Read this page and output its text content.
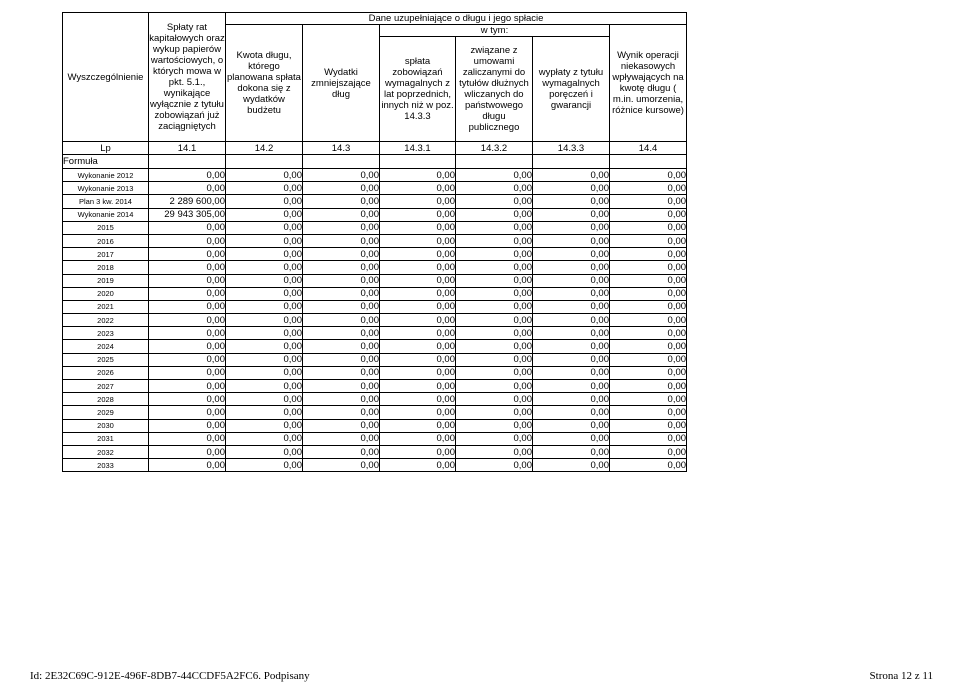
Wyszczególnienie	Spłaty rat kapitałowych oraz wykup papierów wartościowych, o których mowa w pkt. 5.1., wynikające wyłącznie z tytułu zobowiązań już zaciągniętych	Dane uzupełniające o długu i jego spłacie					
		Kwota długu, którego planowana spłata dokona się z wydatków budżetu	Wydatki zmniejszające dług	w tym:			Wynik operacji niekasowych wpływających na kwotę długu ( m.in. umorzenia, różnice kursowe)
				spłata zobowiązań wymagalnych z lat poprzednich, innych niż w poz. 14.3.3	związane z umowami zaliczanymi do tytułów dłużnych wliczanych do państwowego długu publicznego	wypłaty z tytułu wymagalnych poręczeń i gwarancji	
Lp	14.1	14.2	14.3	14.3.1	14.3.2	14.3.3	14.4
Formuła							
Wykonanie 2012	0,00	0,00	0,00	0,00	0,00	0,00	0,00
Wykonanie 2013	0,00	0,00	0,00	0,00	0,00	0,00	0,00
Plan 3 kw. 2014	2 289 600,00	0,00	0,00	0,00	0,00	0,00	0,00
Wykonanie 2014	29 943 305,00	0,00	0,00	0,00	0,00	0,00	0,00
2015	0,00	0,00	0,00	0,00	0,00	0,00	0,00
2016	0,00	0,00	0,00	0,00	0,00	0,00	0,00
2017	0,00	0,00	0,00	0,00	0,00	0,00	0,00
2018	0,00	0,00	0,00	0,00	0,00	0,00	0,00
2019	0,00	0,00	0,00	0,00	0,00	0,00	0,00
2020	0,00	0,00	0,00	0,00	0,00	0,00	0,00
2021	0,00	0,00	0,00	0,00	0,00	0,00	0,00
2022	0,00	0,00	0,00	0,00	0,00	0,00	0,00
2023	0,00	0,00	0,00	0,00	0,00	0,00	0,00
2024	0,00	0,00	0,00	0,00	0,00	0,00	0,00
2025	0,00	0,00	0,00	0,00	0,00	0,00	0,00
2026	0,00	0,00	0,00	0,00	0,00	0,00	0,00
2027	0,00	0,00	0,00	0,00	0,00	0,00	0,00
2028	0,00	0,00	0,00	0,00	0,00	0,00	0,00
2029	0,00	0,00	0,00	0,00	0,00	0,00	0,00
2030	0,00	0,00	0,00	0,00	0,00	0,00	0,00
2031	0,00	0,00	0,00	0,00	0,00	0,00	0,00
2032	0,00	0,00	0,00	0,00	0,00	0,00	0,00
2033	0,00	0,00	0,00	0,00	0,00	0,00	0,00
Id: 2E32C69C-912E-496F-8DB7-44CCDF5A2FC6. Podpisany	Strona 12 z 11
